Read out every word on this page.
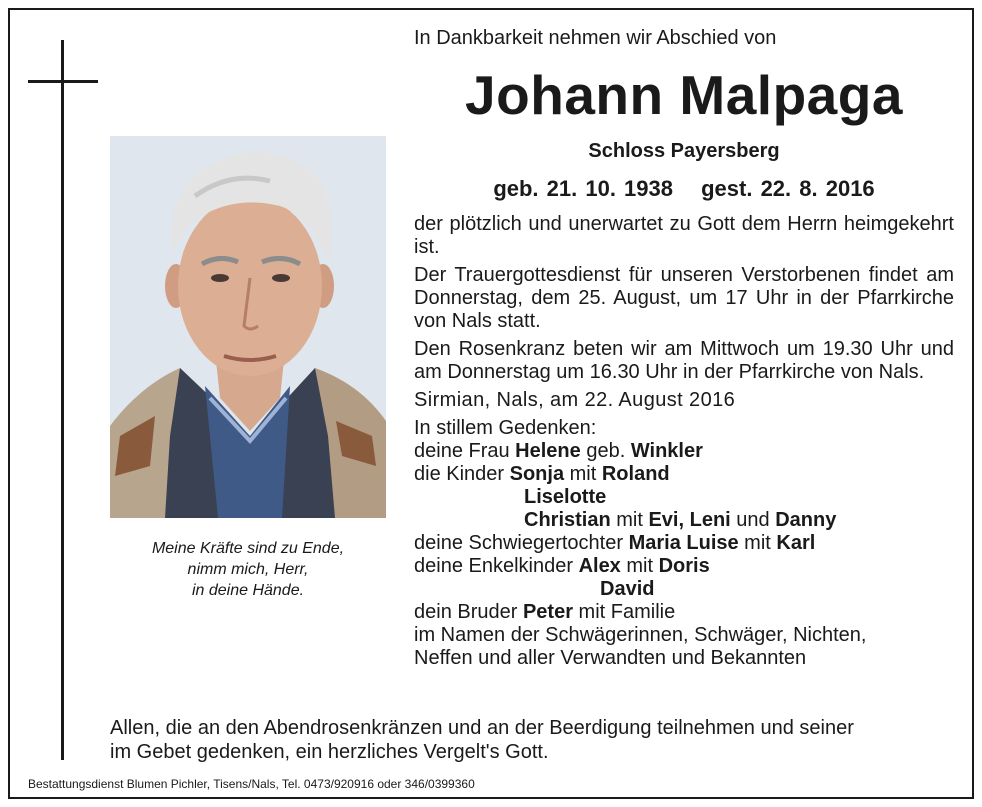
Meine Kräfte sind zu Ende,
nimm mich, Herr,
in deine Hände.
In Dankbarkeit nehmen wir Abschied von
Johann Malpaga
Schloss Payersberg
geb. 21. 10. 1938 gest. 22. 8. 2016
der plötzlich und unerwartet zu Gott dem Herrn heimgekehrt ist.
Der Trauergottesdienst für unseren Verstorbenen findet am Donnerstag, dem 25. August, um 17 Uhr in der Pfarrkirche von Nals statt.
Den Rosenkranz beten wir am Mittwoch um 19.30 Uhr und am Donnerstag um 16.30 Uhr in der Pfarrkirche von Nals.
Sirmian, Nals, am 22. August 2016
In stillem Gedenken:
deine Frau Helene geb. Winkler
die Kinder Sonja mit Roland
Liselotte
Christian mit Evi, Leni und Danny
deine Schwiegertochter Maria Luise mit Karl
deine Enkelkinder Alex mit Doris
David
dein Bruder Peter mit Familie
im Namen der Schwägerinnen, Schwäger, Nichten,
Neffen und aller Verwandten und Bekannten
Allen, die an den Abendrosenkränzen und an der Beerdigung teilnehmen und seiner
im Gebet gedenken, ein herzliches Vergelt's Gott.
Bestattungsdienst Blumen Pichler, Tisens/Nals, Tel. 0473/920916 oder 346/0399360
